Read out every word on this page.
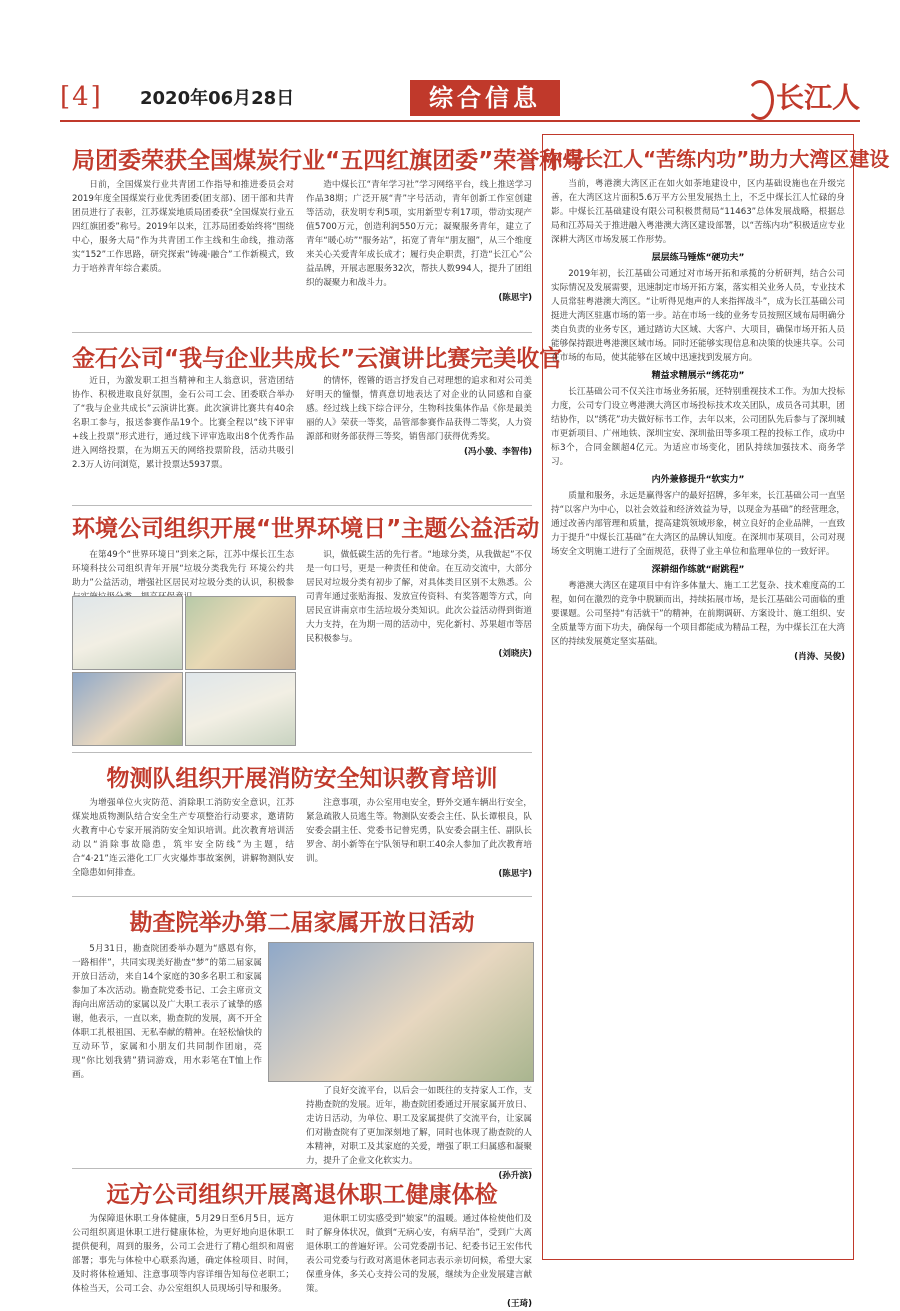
[4] 2020年06月28日	综合信息	长江人
局团委荣获全国煤炭行业“五四红旗团委”荣誉称号

日前，全国煤炭行业共青团工作指导和推进委员会对2019年度全国煤炭行业优秀团委(团支部)、团干部和共青团员进行了表彰，江苏煤炭地质局团委获“全国煤炭行业五四红旗团委”称号。2019年以来，江苏局团委始终将“围绕中心，服务大局”作为共青团工作主线和生命线，推动落实“152”工作思路，研究探索“铸魂·融合”工作新模式，致力于培养青年综合素质。

造中煤长江“青年学习社”学习网络平台，线上推送学习作品38期；广泛开展“青”字号活动，青年创新工作室创建等活动，获发明专利5项，实用新型专利17项，带动实现产值5700万元，创造利润550万元；凝聚服务青年，建立了青年“暖心坊”“服务站”，拓宽了青年“朋友圈”，从三个维度来关心关爱青年成长成才；履行央企职责，打造“长江心”公益品牌，开展志愿服务32次，帮扶人数994人，提升了团组织的凝聚力和战斗力。

(陈思宇)
金石公司“我与企业共成长”云演讲比赛完美收官

近日，为激发职工担当精神和主人翁意识，营造团结协作、积极进取良好氛围，金石公司工会、团委联合举办了“我与企业共成长”云演讲比赛。此次演讲比赛共有40余名职工参与，报送参赛作品19个。比赛全程以“线下评审+线上投票”形式进行，通过线下评审选取出8个优秀作品进入网络投票，在为期五天的网络投票阶段，活动共吸引2.3万人访问浏览，累计投票达5937票。

的情怀，铿锵的语言抒发自己对理想的追求和对公司美好明天的憧憬，情真意切地表达了对企业的认同感和自豪感。经过线上线下综合评分，生物科技集体作品《你是最美丽的人》荣获一等奖，品管部参赛作品获得二等奖，人力资源部和财务部获得三等奖，销售部门获得优秀奖。

(冯小骏、李智伟)
环境公司组织开展“世界环境日”主题公益活动

在第49个“世界环境日”到来之际，江苏中煤长江生态环境科技公司组织青年开展“垃圾分类我先行 环境公约共助力”公益活动，增强社区居民对垃圾分类的认识，积极参

识，做低碳生活的先行者。“地球分类，从我做起”不仅是一句口号，更是一种责任和使命。在互动交流中，大部分居民对垃圾分类有初步了解，对具体类目区别不太熟悉。公司青年通过张贴海报、发放宣传资料、有奖答题等方式，向居民宣讲南京市生活垃圾分类知识。此次公益活动得到街道大力支持，在为期一周的活动中，宪化新村、苏果超市等居民积极参与。

(刘晓庆)
物测队组织开展消防安全知识教育培训

为增强单位火灾防范、消除职工消防安全意识，江苏煤炭地质物测队结合安全生产专项整治行动要求，邀请防火教育中心专家开展消防安全知识培训。此次教育培训活动以“消除事故隐患，筑牢安全防线”为主题，结合“4·21”连云港化工厂火灾爆炸事故案例，讲解物测队安全隐患如何排查。

注意事项，办公室用电安全，野外交通车辆出行安全，紧急疏散人员逃生等。物测队安委会主任、队长谭根良，队安委会副主任、党委书记曾宪勇，队安委会副主任、副队长罗舍、胡小新等在宁队领导和职工40余人参加了此次教育培训。

(陈思宇)
勘查院举办第二届家属开放日活动

5月31日，勘查院团委举办题为“感恩有你，一路相伴”，共同实现美好勘查“梦”的第二届家属开放日活动，来自14个家庭的30多名职工和家属参加了本次活动。勘查院党委书记、工会主席贡文海向出席活动的家属以及广大职工表示了诚挚的感谢，他表示，一直以来，勘查院的发展，离不开全体职工扎根祖国、无私奉献的精神。在轻松愉快的互动环节，家属和小朋友们共同制作团扇，亮现“你比划我猜”猜词游戏，用水彩笔在T恤上作画。

了良好交流平台，以后会一如既往的支持家人工作，支持勘查院的发展。近年，勘查院团委通过开展家属开放日、走访日活动，为单位、职工及家属提供了交流平台，让家属们对勘查院有了更加深刻地了解，同时也体现了勘查院的人本精神，对职工及其家庭的关爱，增强了职工归属感和凝聚力，提升了企业文化软实力。

(孙升滨)
远方公司组织开展离退休职工健康体检

为保障退休职工身体健康，5月29日至6月5日，远方公司组织离退休职工进行健康体检，为更好地向退休职工提供便利，周到的服务，公司工会进行了精心组织和周密部署；事先与体检中心联系沟通，确定体检项目、时间，及时将体检通知、注意事项等内容详细告知每位老职工；体检当天，公司工会、办公室组织人员现场引导和服务。

退休职工切实感受到“娘家”的温暖。通过体检使他们及时了解身体状况，做到“无病心安，有病早治”，受到广大离退休职工的普遍好评。公司党委副书记、纪委书记王宏伟代表公司党委与行政对离退休老同志表示亲切问候，希望大家保重身体，多关心支持公司的发展，继续为企业发展建言献策。

(王琦)
中煤长江人“苦练内功”助力大湾区建设

当前，粤港澳大湾区正在如火如荼地建设中，区内基础设施也在升级完善，在大湾区这片面积5.6万平方公里发展热土上，不乏中煤长江人忙碌的身影。中煤长江基础建设有限公司积极贯彻局“11463”总体发展战略，根据总局和江苏局关于推进融入粤港澳大湾区建设部署，以“苦练内功”积极适应专业深耕大湾区市场发展工作形势。

层层练马锤炼“硬功夫”

2019年初，长江基础公司通过对市场开拓和承揽的分析研判，结合公司实际情况及发展需要，迅速制定市场开拓方案，落实相关业务人员，专业技术人员常驻粤港澳大湾区。“让听得见炮声的人来指挥战斗”，成为长江基础公司挺进大湾区驻惠市场的第一步。站在市场一线的业务专员按照区域布局明确分类自负责的业务专区，通过踏访大区域、大客户、大项目，确保市场开拓人员能够保持跟进粤港澳区域市场。同时还能够实现信息和决策的快速共享。公司在市场的布局，使其能够在区域中迅速找到发展方向。

精益求精展示“绣花功”

长江基础公司不仅关注市场业务拓展，还特别重视技术工作。为加大投标力度，公司专门设立粤港澳大湾区市场投标技术攻关团队，成员各司其职，团结协作，以“绣花”功夫做好标书工作，去年以来，公司团队先后参与了深圳城市更新项目、广州地铁、深圳宝安、深圳盐田等多项工程的投标工作，成功中标3个，合同金额超4亿元。为适应市场变化，团队持续加强技术、商务学习。

内外兼修提升“软实力”

质量和服务，永远是赢得客户的最好招牌，多年来，长江基础公司一直坚持“以客户为中心，以社会效益和经济效益为导，以现金为基础”的经营理念，通过改善内部管理和质量，提高建筑领域形象，树立良好的企业品牌，一直致力于提升“中煤长江基础”在大湾区的品牌认知度。在深圳市某项目，公司对现场安全文明施工进行了全面规范，获得了业主单位和监理单位的一致好评。

深耕细作练就“耐跳程”

粤港澳大湾区在建项目中有许多体量大、施工工艺复杂、技术难度高的工程，如何在激烈的竞争中脱颖而出，持续拓展市场，是长江基础公司面临的重要课题。公司坚持“有活就干”的精神，在前期调研、方案设计、施工组织、安全质量等方面下功夫，确保每一个项目都能成为精品工程，为中煤长江在大湾区的持续发展奠定坚实基础。

(肖涛、吴俊)
